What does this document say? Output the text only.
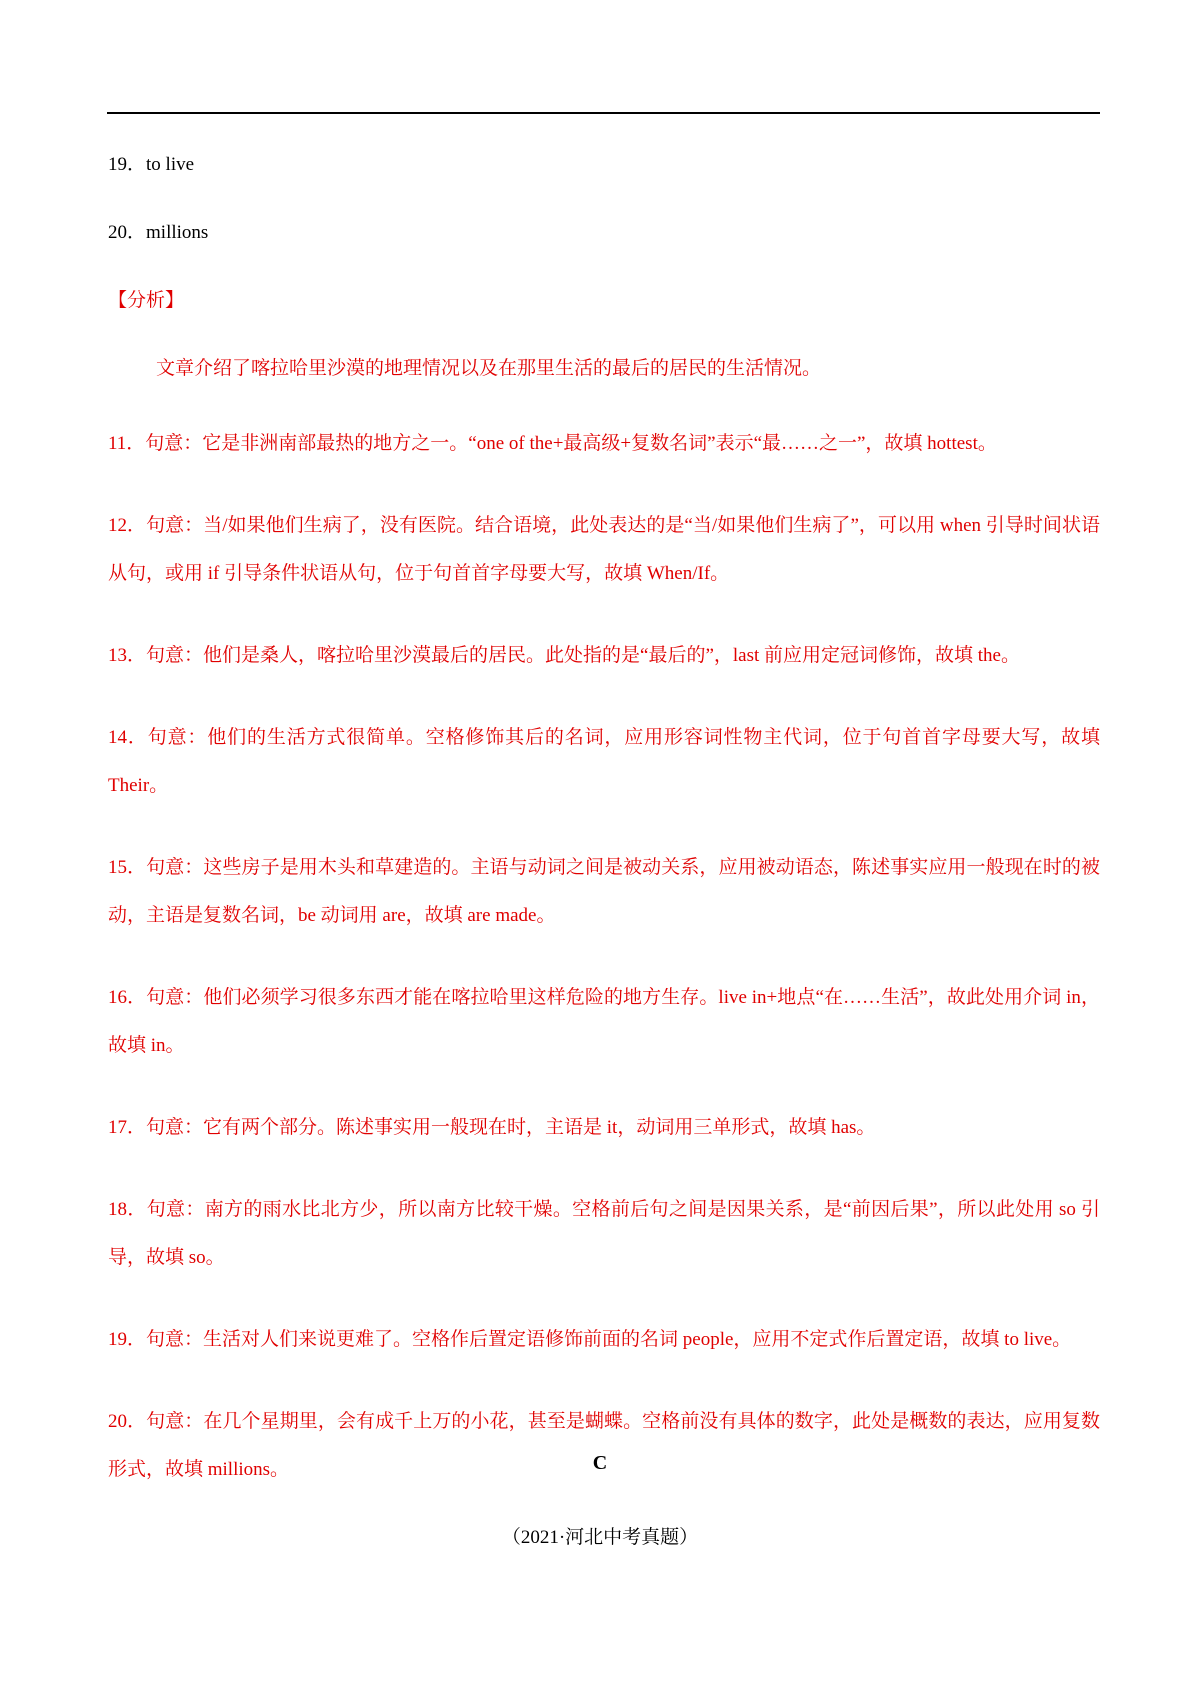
19．to live
20．millions
【分析】
文章介绍了喀拉哈里沙漠的地理情况以及在那里生活的最后的居民的生活情况。
11．句意：它是非洲南部最热的地方之一。“one of the+最高级+复数名词”表示“最……之一”，故填 hottest。
12．句意：当/如果他们生病了，没有医院。结合语境，此处表达的是“当/如果他们生病了”，可以用 when 引导时间状语从句，或用 if 引导条件状语从句，位于句首首字母要大写，故填 When/If。
13．句意：他们是桑人，喀拉哈里沙漠最后的居民。此处指的是“最后的”，last 前应用定冠词修饰，故填 the。
14．句意：他们的生活方式很简单。空格修饰其后的名词，应用形容词性物主代词，位于句首首字母要大写，故填 Their。
15．句意：这些房子是用木头和草建造的。主语与动词之间是被动关系，应用被动语态，陈述事实应用一般现在时的被动，主语是复数名词，be 动词用 are，故填 are made。
16．句意：他们必须学习很多东西才能在喀拉哈里这样危险的地方生存。live in+地点“在……生活”，故此处用介词 in，故填 in。
17．句意：它有两个部分。陈述事实用一般现在时，主语是 it，动词用三单形式，故填 has。
18．句意：南方的雨水比北方少，所以南方比较干燥。空格前后句之间是因果关系，是“前因后果”，所以此处用 so 引导，故填 so。
19．句意：生活对人们来说更难了。空格作后置定语修饰前面的名词 people，应用不定式作后置定语，故填 to live。
20．句意：在几个星期里，会有成千上万的小花，甚至是蝴蝶。空格前没有具体的数字，此处是概数的表达，应用复数形式，故填 millions。	C
（2021·河北中考真题）
